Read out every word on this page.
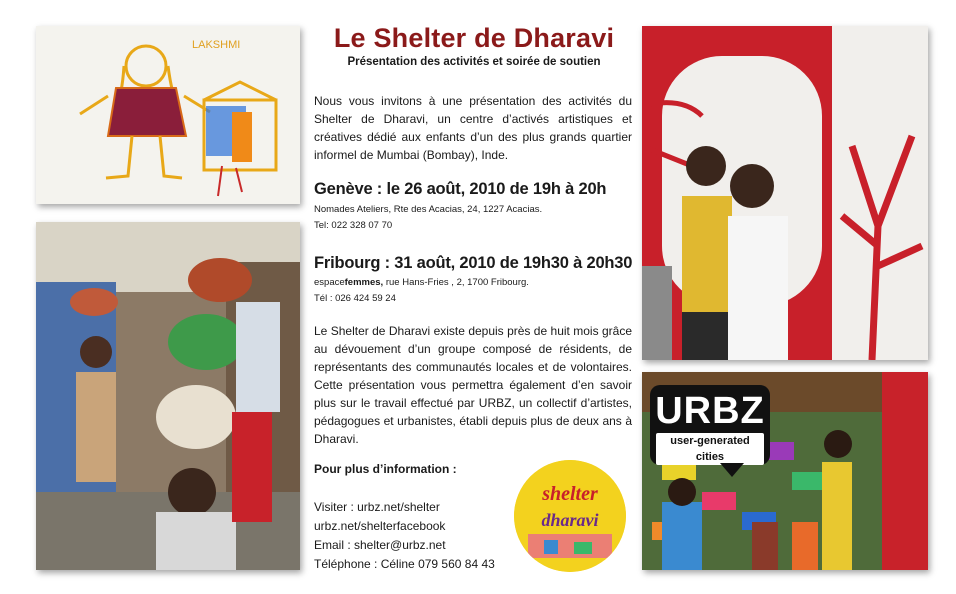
LAKSHMI
URBZ
user-generated cities
Le Shelter de Dharavi

Présentation des activités et soirée de soutien

Nous vous invitons à une présentation des activités du Shelter de Dharavi, un centre d’activés artistiques et créatives dédié aux enfants d’un des plus grands quartier informel de Mumbai (Bombay), Inde.

Genève : le 26 août, 2010 de 19h à 20h

Nomades Ateliers, Rte des Acacias, 24, 1227 Acacias.

Tel: 022 328 07 70

Fribourg : 31 août, 2010 de 19h30 à 20h30

espacefemmes, rue Hans-Fries , 2, 1700 Fribourg.

Tél : 026 424 59 24

Le Shelter de Dharavi existe depuis près de huit mois grâce au dévouement d’un groupe composé de résidents, de représentants des communautés locales et de volontaires. Cette présentation vous permettra également d’en savoir plus sur le travail effectué par URBZ, un collectif d’artistes, pédagogues et urbanistes, établi depuis plus de deux ans à Dharavi.

Pour plus d’information :

Visiter : urbz.net/shelter

urbz.net/shelterfacebook

Email : shelter@urbz.net

Téléphone : Céline 079 560 84 43

shelter
dharavi
